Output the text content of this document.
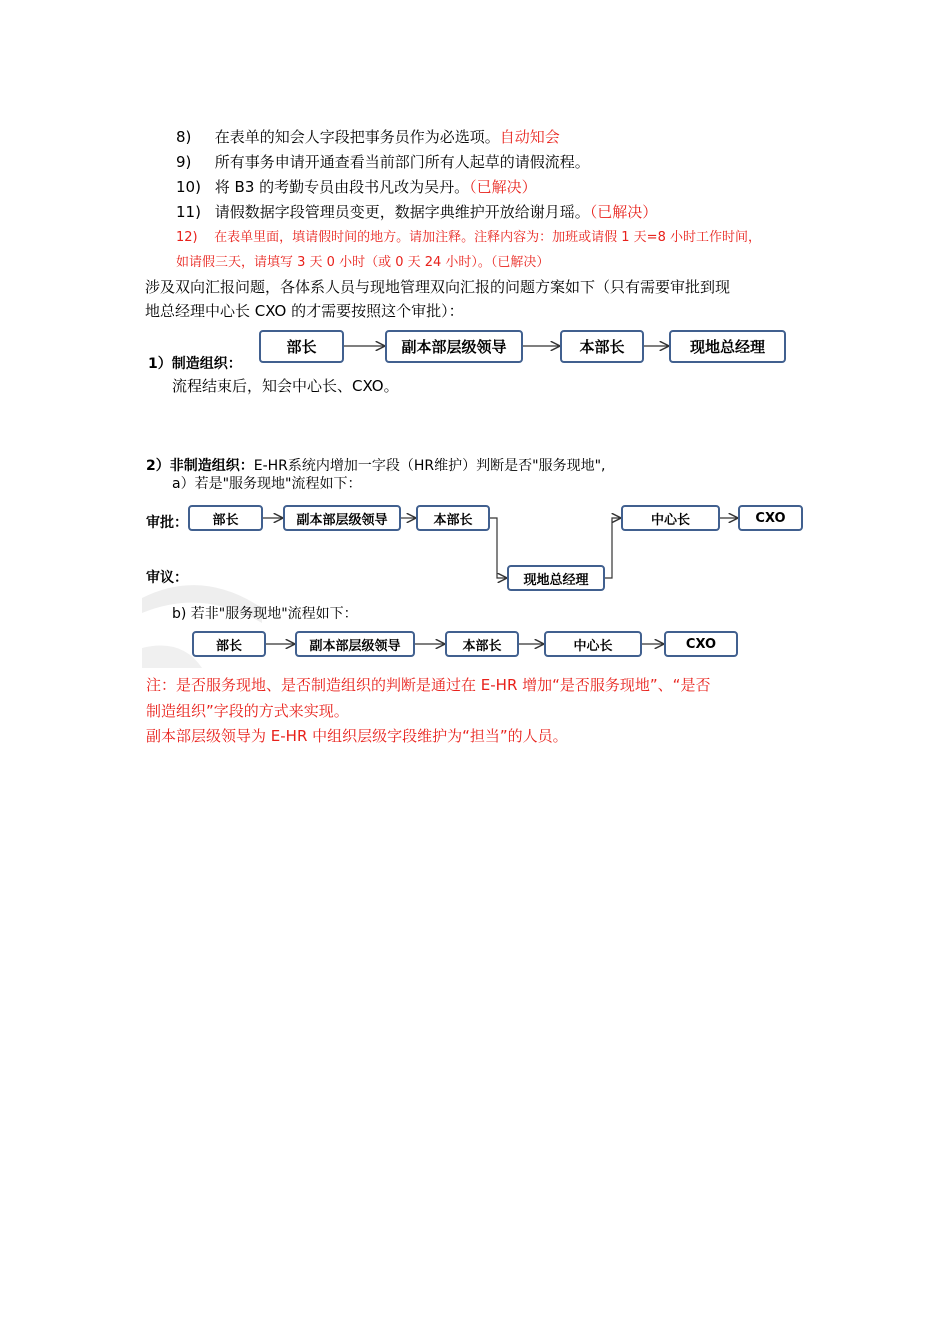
8) 在表单的知会人字段把事务员作为必选项。自动知会
9) 所有事务申请开通查看当前部门所有人起草的请假流程。
10) 将 B3 的考勤专员由段书凡改为吴丹。（已解决）
11) 请假数据字段管理员变更，数据字典维护开放给谢月瑶。（已解决）
12) 在表单里面，填请假时间的地方。请加注释。注释内容为：加班或请假 1 天=8 小时工作时间，
如请假三天，请填写 3 天 0 小时（或 0 天 24 小时）。（已解决）
涉及双向汇报问题，各体系人员与现地管理双向汇报的问题方案如下（只有需要审批到现
地总经理中心长 CXO 的才需要按照这个审批）：
1）制造组织：
部长	副本部层级领导	本部长	现地总经理
流程结束后，知会中心长、CXO。
2）非制造组织：E-HR系统内增加一字段（HR维护）判断是否"服务现地",
a）若是"服务现地"流程如下：
审批：
审议：
部长	副本部层级领导	本部长
现地总经理
中心长	CXO
b) 若非"服务现地"流程如下：
部长	副本部层级领导	本部长	中心长	CXO
注：是否服务现地、是否制造组织的判断是通过在 E-HR 增加“是否服务现地”、“是否
制造组织”字段的方式来实现。
副本部层级领导为 E-HR 中组织层级字段维护为“担当”的人员。
